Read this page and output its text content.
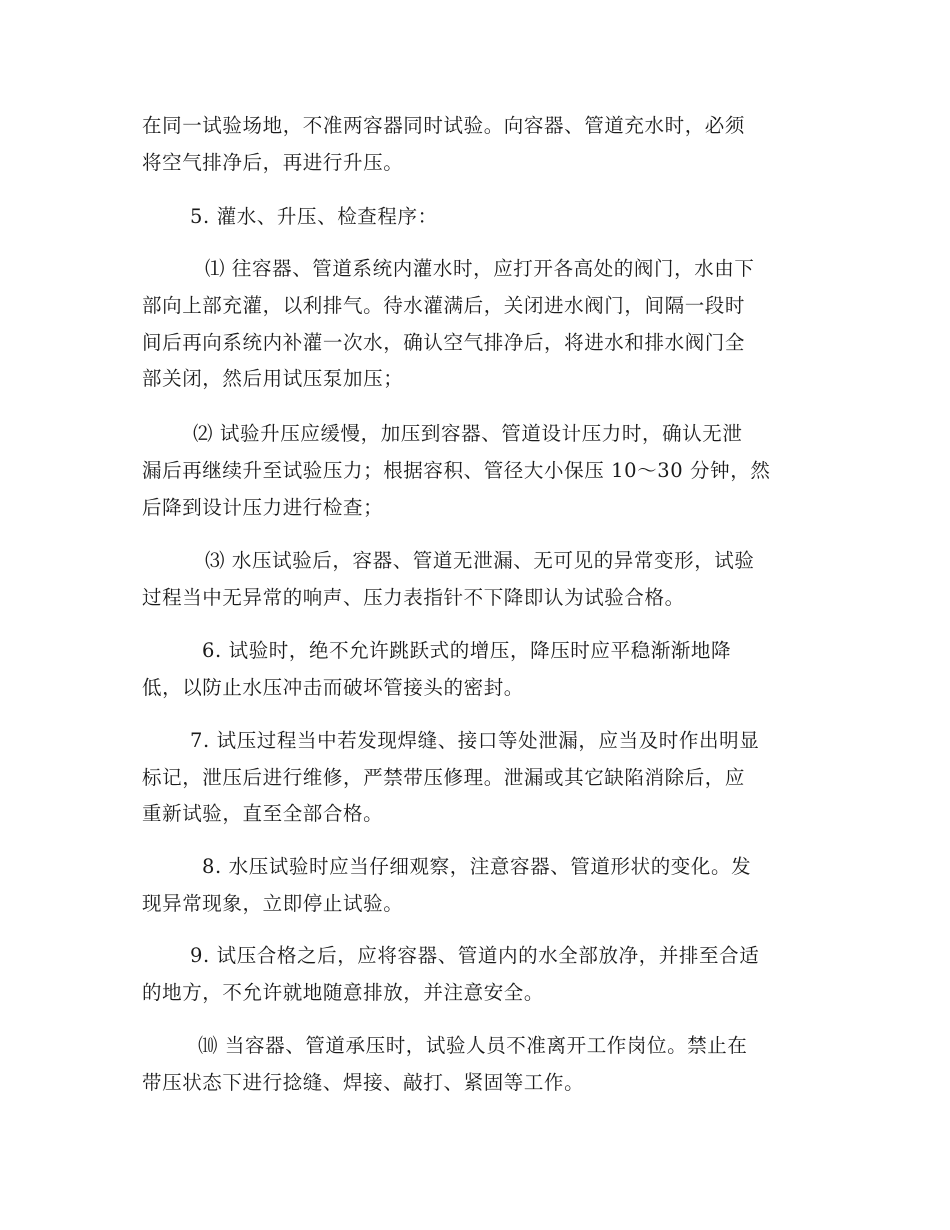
在同一试验场地，不准两容器同时试验。向容器、管道充水时，必须
将空气排净后，再进行升压。
5. 灌水、升压、检查程序：
⑴ 往容器、管道系统内灌水时，应打开各高处的阀门，水由下
部向上部充灌，以利排气。待水灌满后，关闭进水阀门，间隔一段时
间后再向系统内补灌一次水，确认空气排净后，将进水和排水阀门全
部关闭，然后用试压泵加压；
⑵ 试验升压应缓慢，加压到容器、管道设计压力时，确认无泄
漏后再继续升至试验压力；根据容积、管径大小保压 10～30 分钟，然
后降到设计压力进行检查；
⑶ 水压试验后，容器、管道无泄漏、无可见的异常变形，试验
过程当中无异常的响声、压力表指针不下降即认为试验合格。
6. 试验时，绝不允许跳跃式的增压，降压时应平稳渐渐地降
低，以防止水压冲击而破坏管接头的密封。
7. 试压过程当中若发现焊缝、接口等处泄漏，应当及时作出明显
标记，泄压后进行维修，严禁带压修理。泄漏或其它缺陷消除后，应
重新试验，直至全部合格。
8. 水压试验时应当仔细观察，注意容器、管道形状的变化。发
现异常现象，立即停止试验。
9. 试压合格之后，应将容器、管道内的水全部放净，并排至合适
的地方，不允许就地随意排放，并注意安全。
⑽ 当容器、管道承压时，试验人员不准离开工作岗位。禁止在
带压状态下进行捻缝、焊接、敲打、紧固等工作。
